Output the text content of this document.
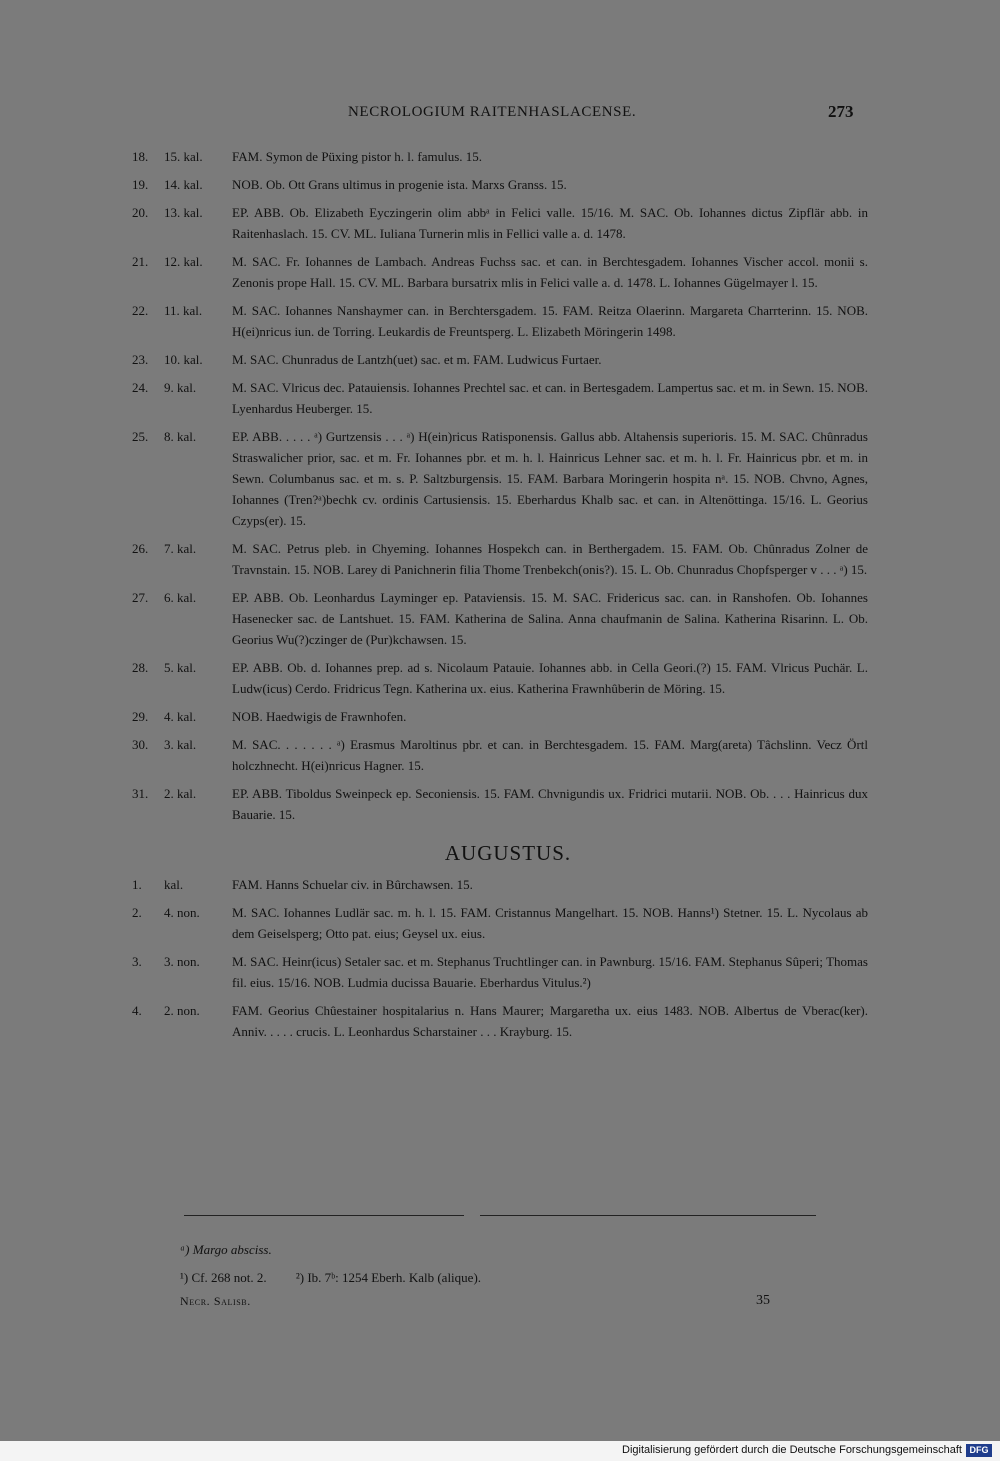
NECROLOGIUM RAITENHASLACENSE.	273
18. 15. kal.	FAM. Symon de Püxing pistor h. l. famulus. 15.
19. 14. kal.	NOB. Ob. Ott Grans ultimus in progenie ista. Marxs Granss. 15.
20. 13. kal.	EP. ABB. Ob. Elizabeth Eyczingerin olim abbᵃ in Felici valle. 15/16. M. SAC. Ob. Iohannes dictus Zipflär abb. in Raitenhaslach. 15. CV. ML. Iuliana Turnerin mlis in Fellici valle a. d. 1478.
21. 12. kal.	M. SAC. Fr. Iohannes de Lambach. Andreas Fuchss sac. et can. in Berchtesgadem. Iohannes Vischer accol. monii s. Zenonis prope Hall. 15. CV. ML. Barbara bursatrix mlis in Felici valle a. d. 1478. L. Iohannes Gügelmayer l. 15.
22. 11. kal.	M. SAC. Iohannes Nanshaymer can. in Berchtersgadem. 15. FAM. Reitza Olaerinn. Margareta Charrterinn. 15. NOB. H(ei)nricus iun. de Torring. Leukardis de Freuntsperg. L. Elizabeth Möringerin 1498.
23. 10. kal.	M. SAC. Chunradus de Lantzh(uet) sac. et m. FAM. Ludwicus Furtaer.
24. 9. kal.	M. SAC. Vlricus dec. Patauiensis. Iohannes Prechtel sac. et can. in Bertesgadem. Lampertus sac. et m. in Sewn. 15. NOB. Lyenhardus Heuberger. 15.
25. 8. kal.	EP. ABB. . . . . ᵃ) Gurtzensis . . . ᵃ) H(ein)ricus Ratisponensis. Gallus abb. Altahensis superioris. 15. M. SAC. Chûnradus Straswalicher prior, sac. et m. Fr. Iohannes pbr. et m. h. l. Hainricus Lehner sac. et m. h. l. Fr. Hainricus pbr. et m. in Sewn. Columbanus sac. et m. s. P. Saltzburgensis. 15. FAM. Barbara Moringerin hospita nᵃ. 15. NOB. Chvno, Agnes, Iohannes (Tren?ᵃ)bechk cv. ordinis Cartusiensis. 15. Eberhardus Khalb sac. et can. in Altenöttinga. 15/16. L. Georius Czyps(er). 15.
26. 7. kal.	M. SAC. Petrus pleb. in Chyeming. Iohannes Hospekch can. in Berthergadem. 15. FAM. Ob. Chûnradus Zolner de Travnstain. 15. NOB. Larey di Panichnerin filia Thome Trenbekch(onis?). 15. L. Ob. Chunradus Chopfsperger v . . . ᵃ) 15.
27. 6. kal.	EP. ABB. Ob. Leonhardus Layminger ep. Pataviensis. 15. M. SAC. Fridericus sac. can. in Ranshofen. Ob. Iohannes Hasenecker sac. de Lantshuet. 15. FAM. Katherina de Salina. Anna chaufmanin de Salina. Katherina Risarinn. L. Ob. Georius Wu(?)czinger de (Pur)kchawsen. 15.
28. 5. kal.	EP. ABB. Ob. d. Iohannes prep. ad s. Nicolaum Patauie. Iohannes abb. in Cella Geori.(?) 15. FAM. Vlricus Puchär. L. Ludw(icus) Cerdo. Fridricus Tegn. Katherina ux. eius. Katherina Frawnhûberin de Möring. 15.
29. 4. kal.	NOB. Haedwigis de Frawnhofen.
30. 3. kal.	M. SAC. . . . . . . ᵃ) Erasmus Maroltinus pbr. et can. in Berchtesgadem. 15. FAM. Marg(areta) Tâchslinn. Vecz Örtl holczhnecht. H(ei)nricus Hagner. 15.
31. 2. kal.	EP. ABB. Tiboldus Sweinpeck ep. Seconiensis. 15. FAM. Chvnigundis ux. Fridrici mutarii. NOB. Ob. . . . Hainricus dux Bauarie. 15.
AUGUSTUS.
1.	kal.	FAM. Hanns Schuelar civ. in Bûrchawsen. 15.
2.	4. non.	M. SAC. Iohannes Ludlär sac. m. h. l. 15. FAM. Cristannus Mangelhart. 15. NOB. Hanns¹) Stetner. 15. L. Nycolaus ab dem Geiselsperg; Otto pat. eius; Geysel ux. eius.
3.	3. non.	M. SAC. Heinr(icus) Setaler sac. et m. Stephanus Truchtlinger can. in Pawnburg. 15/16. FAM. Stephanus Sûperi; Thomas fil. eius. 15/16. NOB. Ludmia ducissa Bauarie. Eberhardus Vitulus.²)
4.	2. non.	FAM. Georius Chûestainer hospitalarius n. Hans Maurer; Margaretha ux. eius 1483. NOB. Albertus de Vberac(ker). Anniv. . . . . crucis. L. Leonhardus Scharstainer . . . Krayburg. 15.
ᵃ) Margo absciss.
¹) Cf. 268 not. 2. ²) Ib. 7ᵇ: 1254 Eberh. Kalb (alique).
Necr. Salisb.	35
Digitalisierung gefördert durch die Deutsche Forschungsgemeinschaft DFG
